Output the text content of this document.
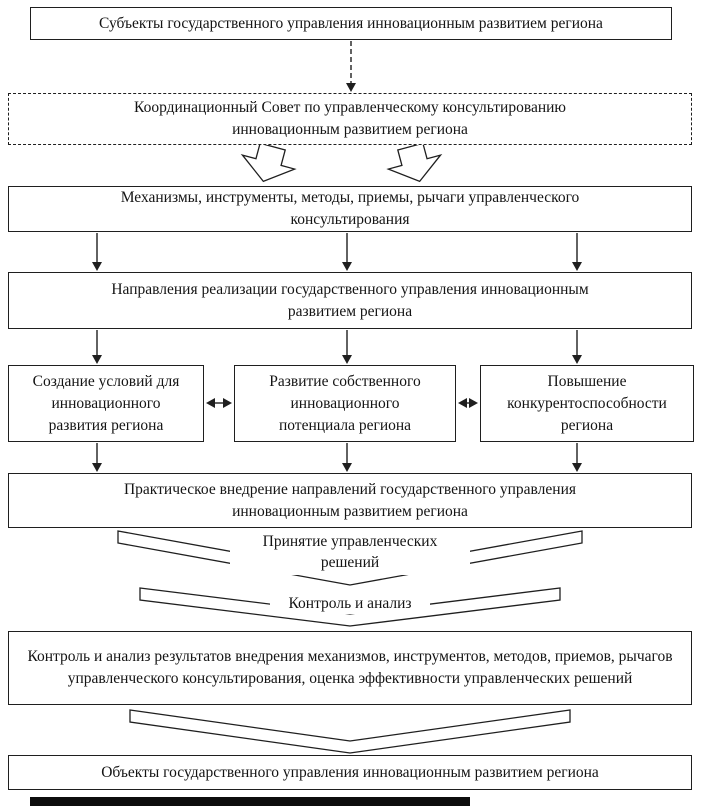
Субъекты государственного управления инновационным развитием региона
Координационный Совет по управленческому консультированию инновационным развитием региона
Механизмы, инструменты, методы, приемы, рычаги управленческого консультирования
Направления реализации государственного управления инновационным развитием региона
Создание условий для инновационного развития региона
Развитие собственного инновационного потенциала региона
Повышение конкурентоспособности региона
Практическое внедрение направлений государственного управления инновационным развитием региона
Принятие управленческих решений
Контроль и анализ
Контроль и анализ результатов внедрения механизмов, инструментов, методов, приемов, рычагов управленческого консультирования, оценка эффективности управленческих решений
Объекты государственного управления инновационным развитием региона
